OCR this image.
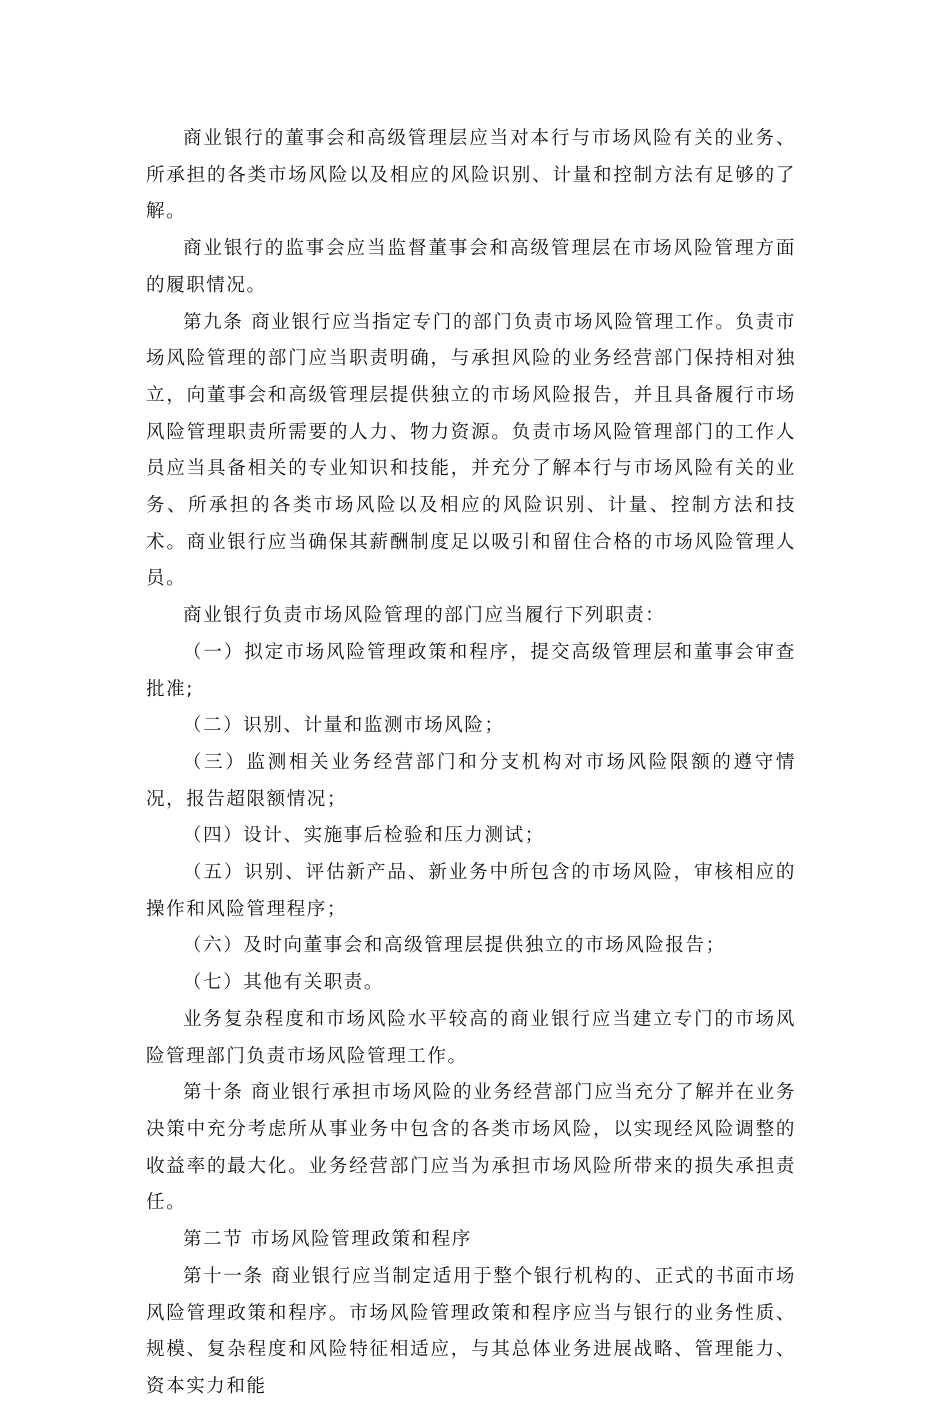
商业银行的董事会和高级管理层应当对本行与市场风险有关的业务、所承担的各类市场风险以及相应的风险识别、计量和控制方法有足够的了解。

商业银行的监事会应当监督董事会和高级管理层在市场风险管理方面的履职情况。

第九条 商业银行应当指定专门的部门负责市场风险管理工作。负责市场风险管理的部门应当职责明确，与承担风险的业务经营部门保持相对独立，向董事会和高级管理层提供独立的市场风险报告，并且具备履行市场风险管理职责所需要的人力、物力资源。负责市场风险管理部门的工作人员应当具备相关的专业知识和技能，并充分了解本行与市场风险有关的业务、所承担的各类市场风险以及相应的风险识别、计量、控制方法和技术。商业银行应当确保其薪酬制度足以吸引和留住合格的市场风险管理人员。

商业银行负责市场风险管理的部门应当履行下列职责：

（一）拟定市场风险管理政策和程序，提交高级管理层和董事会审查批准;

（二）识别、计量和监测市场风险；

（三）监测相关业务经营部门和分支机构对市场风险限额的遵守情况，报告超限额情况；

（四）设计、实施事后检验和压力测试；

（五）识别、评估新产品、新业务中所包含的市场风险，审核相应的操作和风险管理程序；

（六）及时向董事会和高级管理层提供独立的市场风险报告；

（七）其他有关职责。

业务复杂程度和市场风险水平较高的商业银行应当建立专门的市场风险管理部门负责市场风险管理工作。

第十条 商业银行承担市场风险的业务经营部门应当充分了解并在业务决策中充分考虑所从事业务中包含的各类市场风险，以实现经风险调整的收益率的最大化。业务经营部门应当为承担市场风险所带来的损失承担责任。

第二节 市场风险管理政策和程序

第十一条 商业银行应当制定适用于整个银行机构的、正式的书面市场风险管理政策和程序。市场风险管理政策和程序应当与银行的业务性质、规模、复杂程度和风险特征相适应，与其总体业务进展战略、管理能力、资本实力和能
